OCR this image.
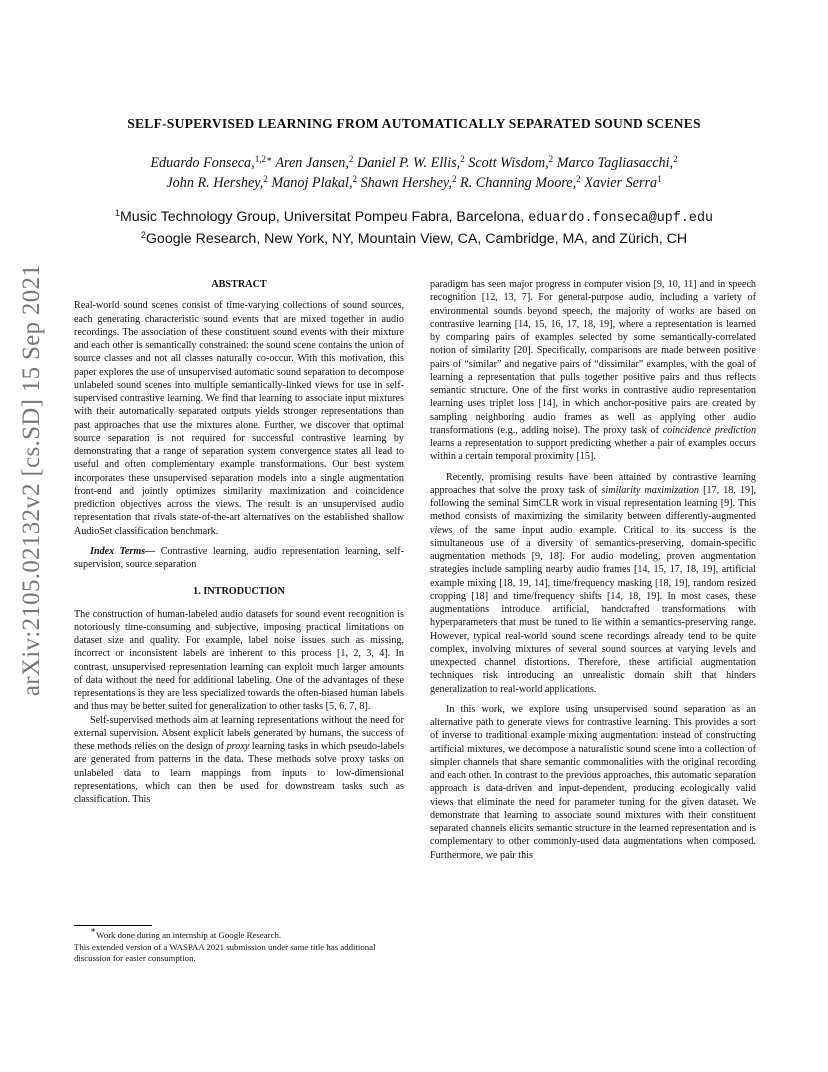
arXiv:2105.02132v2 [cs.SD] 15 Sep 2021
SELF-SUPERVISED LEARNING FROM AUTOMATICALLY SEPARATED SOUND SCENES
Eduardo Fonseca,$^{1,2∗}$ Aren Jansen,$^2$ Daniel P. W. Ellis,$^2$ Scott Wisdom,$^2$ Marco Tagliasacchi,$^2$
John R. Hershey,$^2$ Manoj Plakal,$^2$ Shawn Hershey,$^2$ R. Channing Moore,$^2$ Xavier Serra$^1$
$^1$Music Technology Group, Universitat Pompeu Fabra, Barcelona, eduardo.fonseca@upf.edu
$^2$Google Research, New York, NY, Mountain View, CA, Cambridge, MA, and Zürich, CH
ABSTRACT

Real-world sound scenes consist of time-varying collections of sound sources, each generating characteristic sound events that are mixed together in audio recordings. The association of these constituent sound events with their mixture and each other is semantically constrained: the sound scene contains the union of source classes and not all classes naturally co-occur. With this motivation, this paper explores the use of unsupervised automatic sound separation to decompose unlabeled sound scenes into multiple semantically-linked views for use in self-supervised contrastive learning. We find that learning to associate input mixtures with their automatically separated outputs yields stronger representations than past approaches that use the mixtures alone. Further, we discover that optimal source separation is not required for successful contrastive learning by demonstrating that a range of separation system convergence states all lead to useful and often complementary example transformations. Our best system incorporates these unsupervised separation models into a single augmentation front-end and jointly optimizes similarity maximization and coincidence prediction objectives across the views. The result is an unsupervised audio representation that rivals state-of-the-art alternatives on the established shallow AudioSet classification benchmark.

Index Terms— Contrastive learning, audio representation learning, self-supervision, source separation

1. INTRODUCTION

The construction of human-labeled audio datasets for sound event recognition is notoriously time-consuming and subjective, imposing practical limitations on dataset size and quality. For example, label noise issues such as missing, incorrect or inconsistent labels are inherent to this process [1, 2, 3, 4]. In contrast, unsupervised representation learning can exploit much larger amounts of data without the need for additional labeling. One of the advantages of these representations is they are less specialized towards the often-biased human labels and thus may be better suited for generalization to other tasks [5, 6, 7, 8].

Self-supervised methods aim at learning representations without the need for external supervision. Absent explicit labels generated by humans, the success of these methods relies on the design of proxy learning tasks in which pseudo-labels are generated from patterns in the data. These methods solve proxy tasks on unlabeled data to learn mappings from inputs to low-dimensional representations, which can then be used for downstream tasks such as classification. This

∗Work done during an internship at Google Research.

This extended version of a WASPAA 2021 submission under same title has additional discussion for easier consumption.

paradigm has seen major progress in computer vision [9, 10, 11] and in speech recognition [12, 13, 7]. For general-purpose audio, including a variety of environmental sounds beyond speech, the majority of works are based on contrastive learning [14, 15, 16, 17, 18, 19], where a representation is learned by comparing pairs of examples selected by some semantically-correlated notion of similarity [20]. Specifically, comparisons are made between positive pairs of “similar” and negative pairs of “dissimilar” examples, with the goal of learning a representation that pulls together positive pairs and thus reflects semantic structure. One of the first works in contrastive audio representation learning uses triplet loss [14], in which anchor-positive pairs are created by sampling neighboring audio frames as well as applying other audio transformations (e.g., adding noise). The proxy task of coincidence prediction learns a representation to support predicting whether a pair of examples occurs within a certain temporal proximity [15].

Recently, promising results have been attained by contrastive learning approaches that solve the proxy task of similarity maximization [17, 18, 19], following the seminal SimCLR work in visual representation learning [9]. This method consists of maximizing the similarity between differently-augmented views of the same input audio example. Critical to its success is the simultaneous use of a diversity of semantics-preserving, domain-specific augmentation methods [9, 18]. For audio modeling, proven augmentation strategies include sampling nearby audio frames [14, 15, 17, 18, 19], artificial example mixing [18, 19, 14], time/frequency masking [18, 19], random resized cropping [18] and time/frequency shifts [14, 18, 19]. In most cases, these augmentations introduce artificial, handcrafted transformations with hyperparameters that must be tuned to lie within a semantics-preserving range. However, typical real-world sound scene recordings already tend to be quite complex, involving mixtures of several sound sources at varying levels and unexpected channel distortions. Therefore, these artificial augmentation techniques risk introducing an unrealistic domain shift that hinders generalization to real-world applications.

In this work, we explore using unsupervised sound separation as an alternative path to generate views for contrastive learning. This provides a sort of inverse to traditional example mixing augmentation: instead of constructing artificial mixtures, we decompose a naturalistic sound scene into a collection of simpler channels that share semantic commonalities with the original recording and each other. In contrast to the previous approaches, this automatic separation approach is data-driven and input-dependent, producing ecologically valid views that eliminate the need for parameter tuning for the given dataset. We demonstrate that learning to associate sound mixtures with their constituent separated channels elicits semantic structure in the learned representation and is complementary to other commonly-used data augmentations when composed. Furthermore, we pair this
